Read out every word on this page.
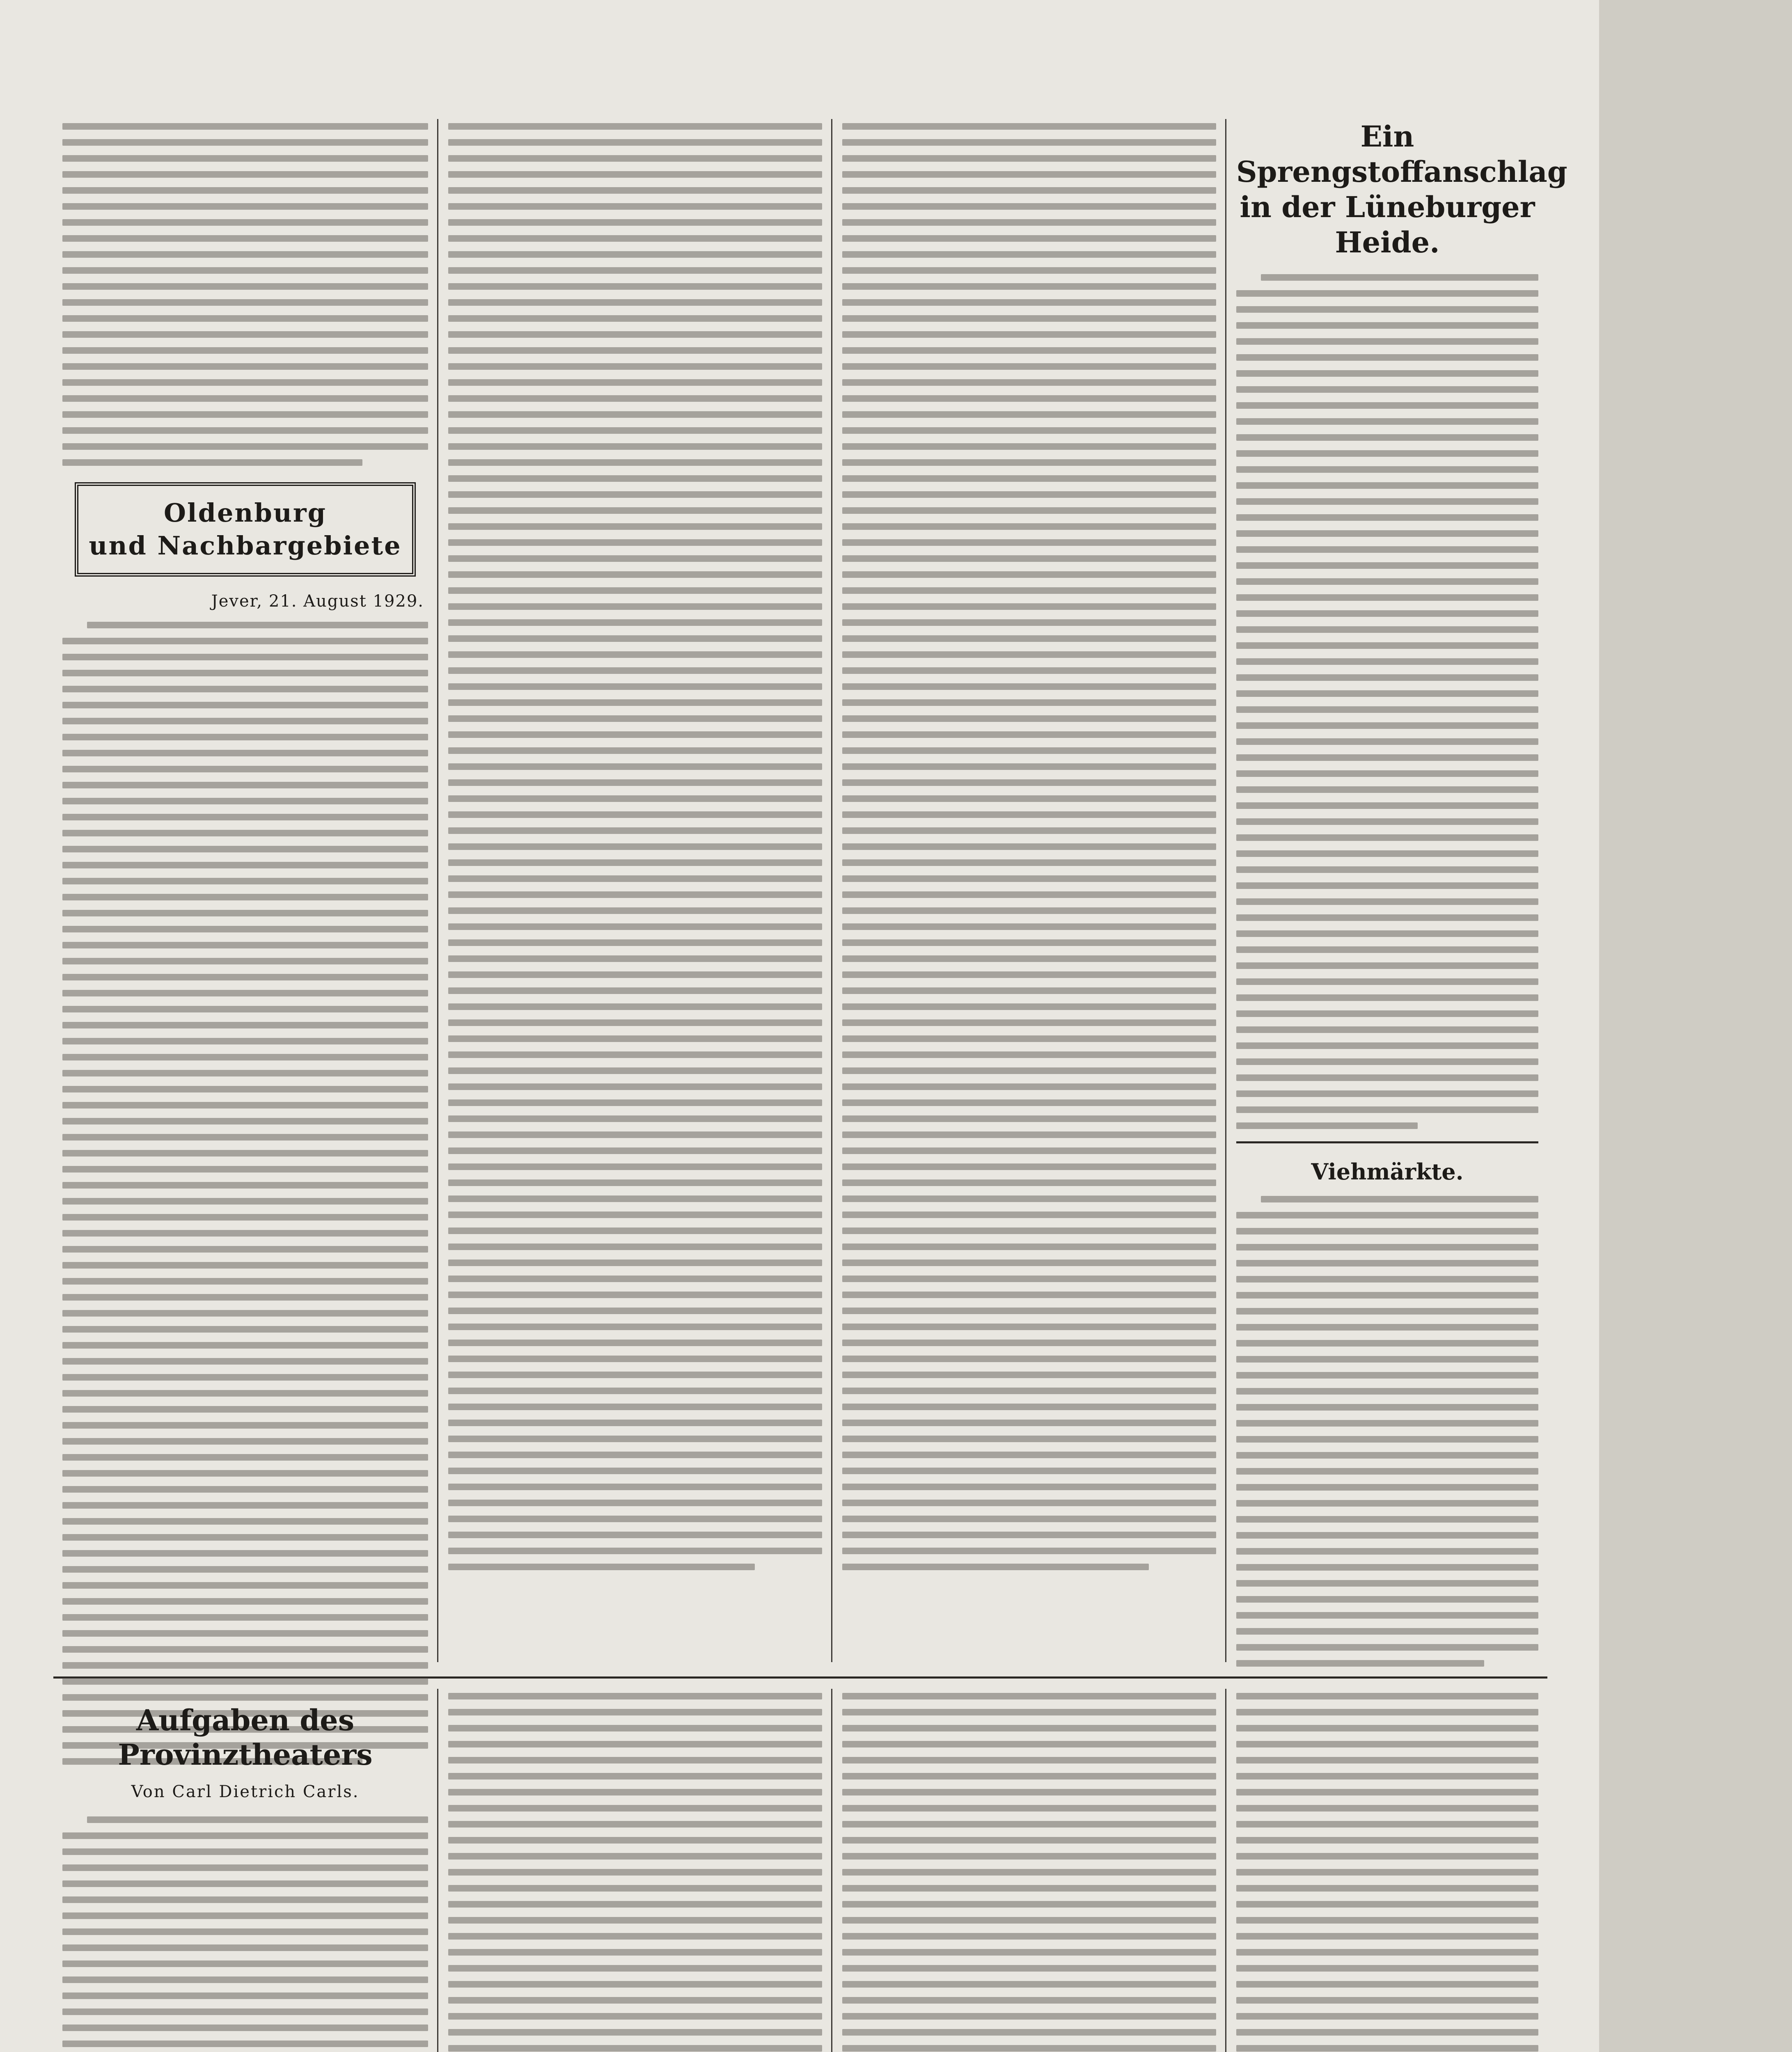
Oldenburg
und Nachbargebiete
Jever, 21. August 1929.
Ein Sprengstoffanschlag in der Lüneburger Heide.
Viehmärkte.
Aufgaben des Provinztheaters
Von Carl Dietrich Carls.
